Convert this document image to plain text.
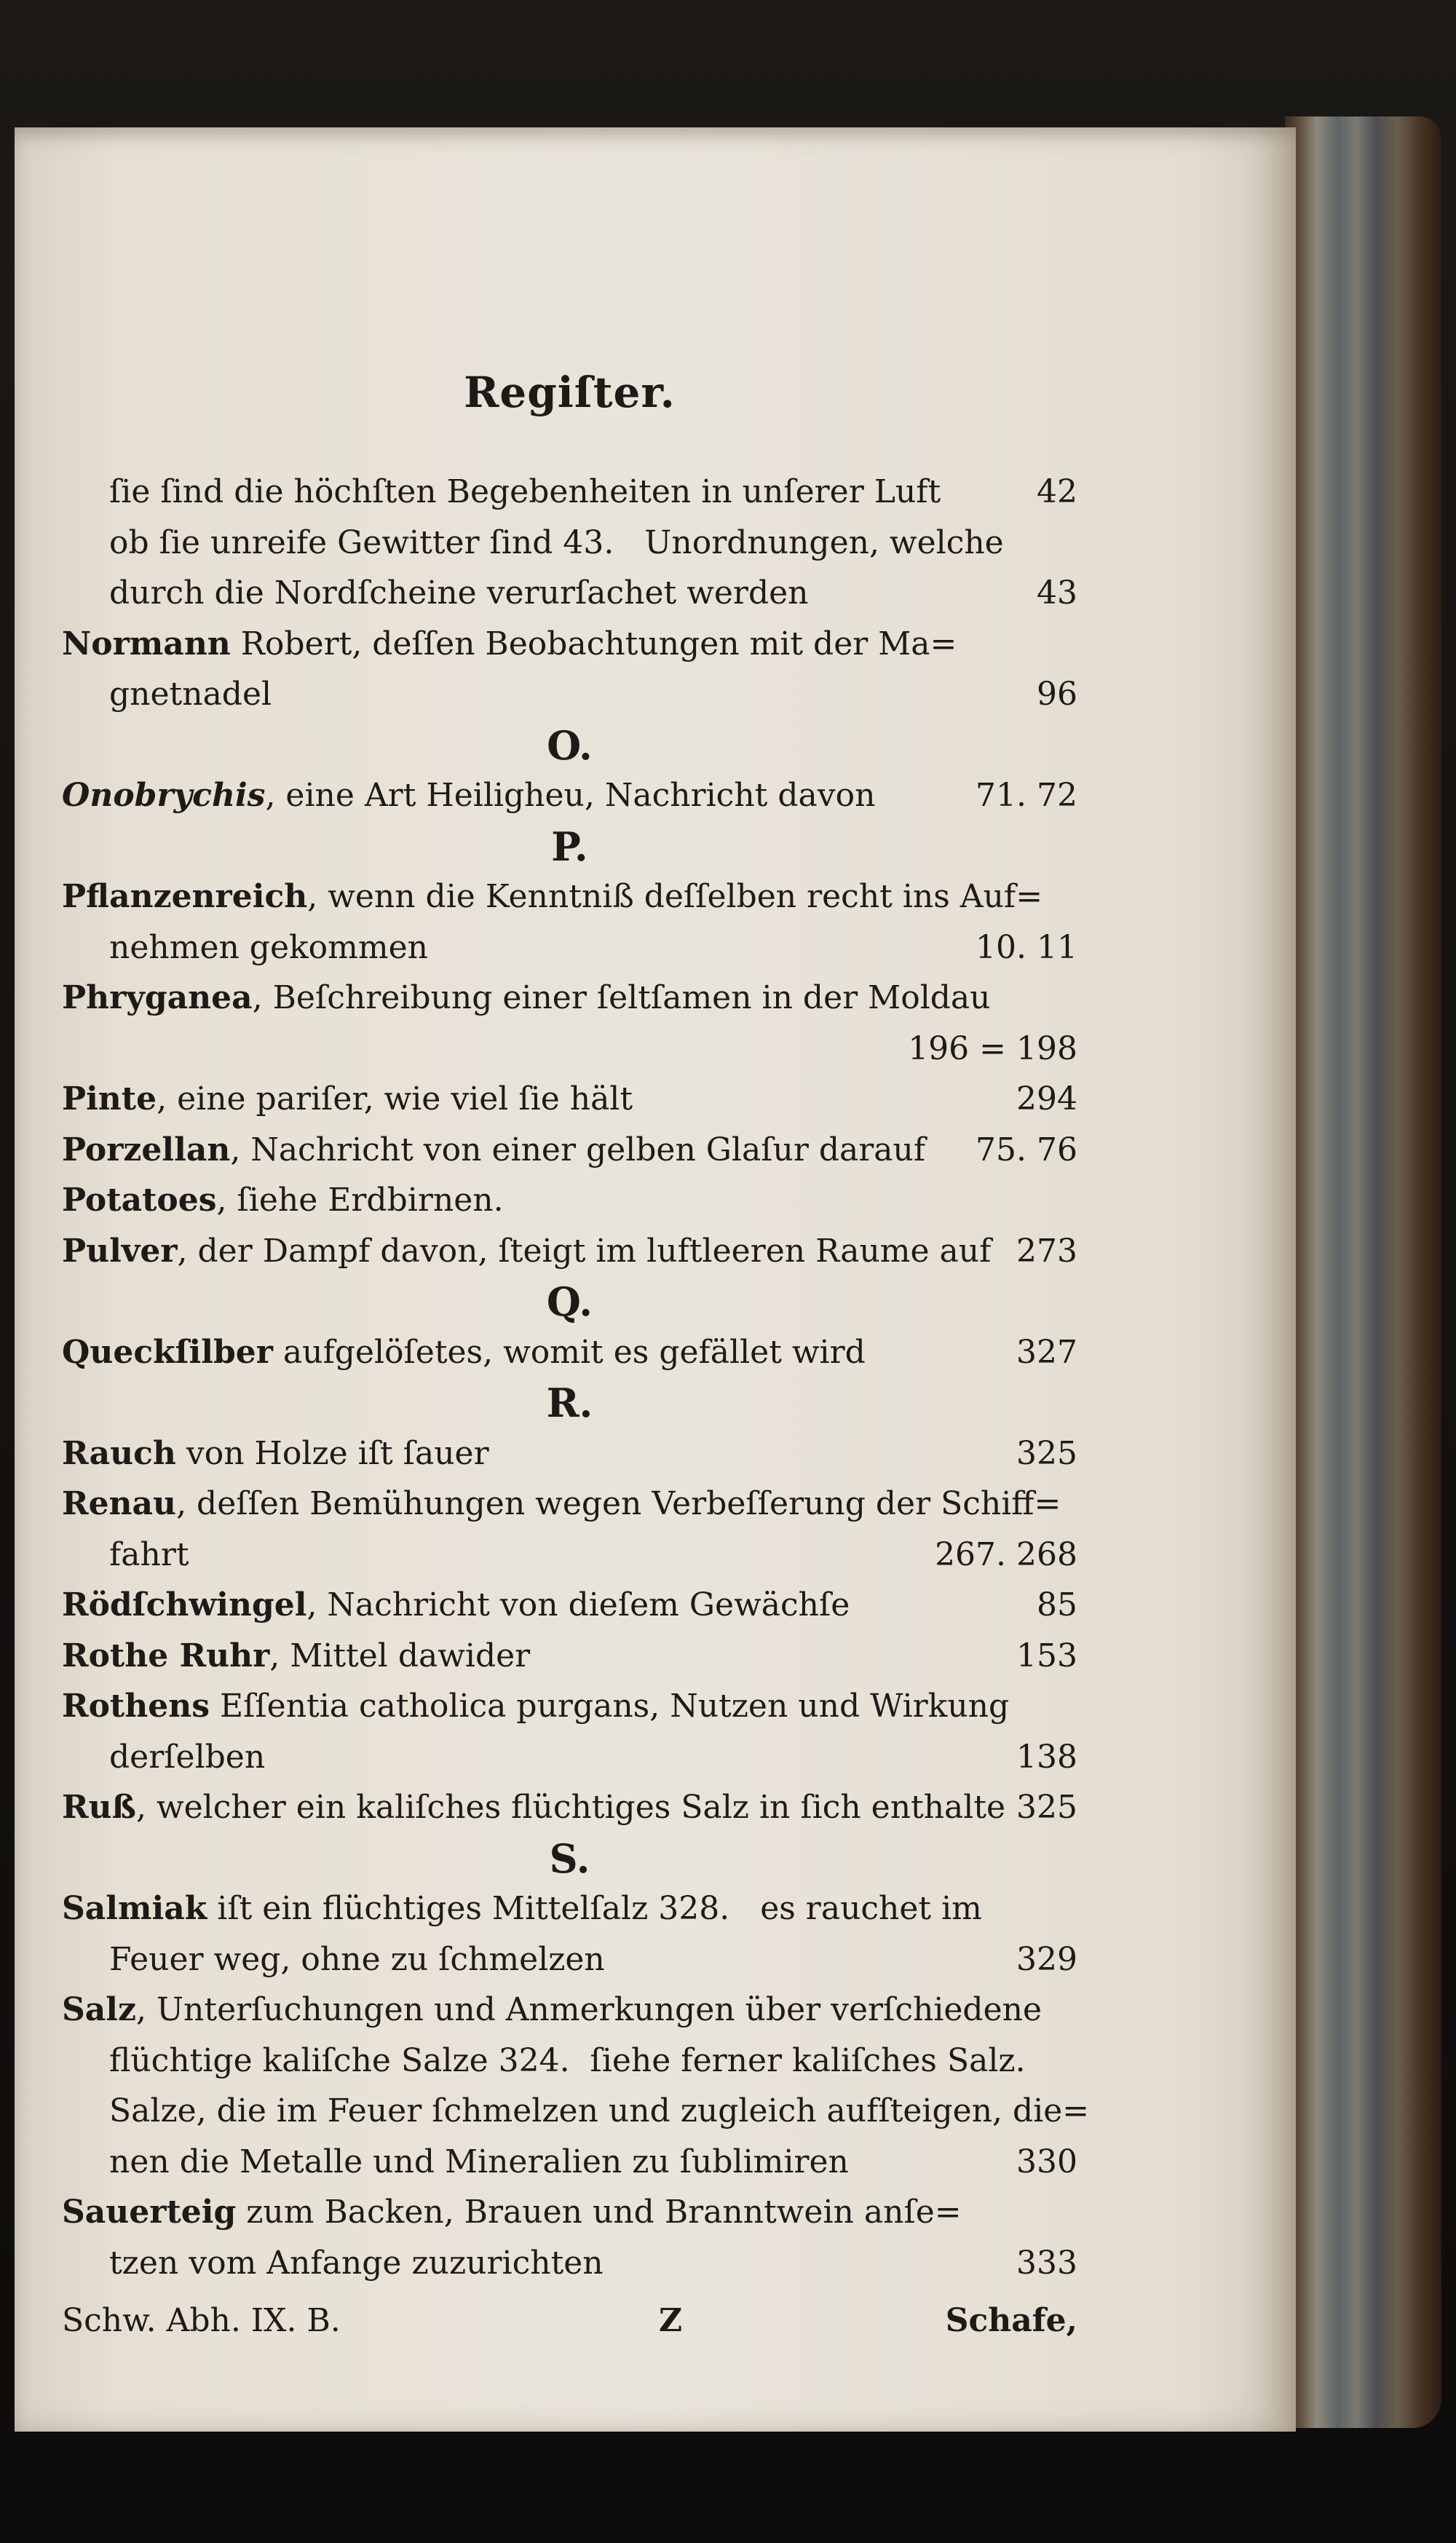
Regiſter.
ſie ſind die höchſten Begebenheiten in unſerer Luft	42
ob ſie unreife Gewitter ſind 43.   Unordnungen, welche
durch die Nordſcheine verurſachet werden	43
Normann Robert, deſſen Beobachtungen mit der Ma=
gnetnadel	96
O.
Onobrychis, eine Art Heiligheu, Nachricht davon	71. 72
P.
Pflanzenreich, wenn die Kenntniß deſſelben recht ins Auf=
nehmen gekommen	10. 11
Phryganea, Beſchreibung einer ſeltſamen in der Moldau
196 = 198
Pinte, eine pariſer, wie viel ſie hält	294
Porzellan, Nachricht von einer gelben Glaſur darauf 75. 76
Potatoes, ſiehe Erdbirnen.
Pulver, der Dampf davon, ſteigt im luftleeren Raume auf 273
Q.
Queckſilber aufgelöſetes, womit es gefället wird	327
R.
Rauch von Holze iſt ſauer	325
Renau, deſſen Bemühungen wegen Verbeſſerung der Schiff=
fahrt	267. 268
Rödſchwingel, Nachricht von dieſem Gewächſe	85
Rothe Ruhr, Mittel dawider	153
Rothens Eſſentia catholica purgans, Nutzen und Wirkung
derſelben	138
Ruß, welcher ein kaliſches flüchtiges Salz in ſich enthalte 325
S.
Salmiak iſt ein flüchtiges Mittelſalz 328.   es rauchet im
Feuer weg, ohne zu ſchmelzen	329
Salz, Unterſuchungen und Anmerkungen über verſchiedene
flüchtige kaliſche Salze 324.  ſiehe ferner kaliſches Salz.
Salze, die im Feuer ſchmelzen und zugleich aufſteigen, die=
nen die Metalle und Mineralien zu ſublimiren	330
Sauerteig zum Backen, Brauen und Branntwein anſe=
tzen vom Anfange zuzurichten	333
Schw. Abh. IX. B.	Z	Schafe,
